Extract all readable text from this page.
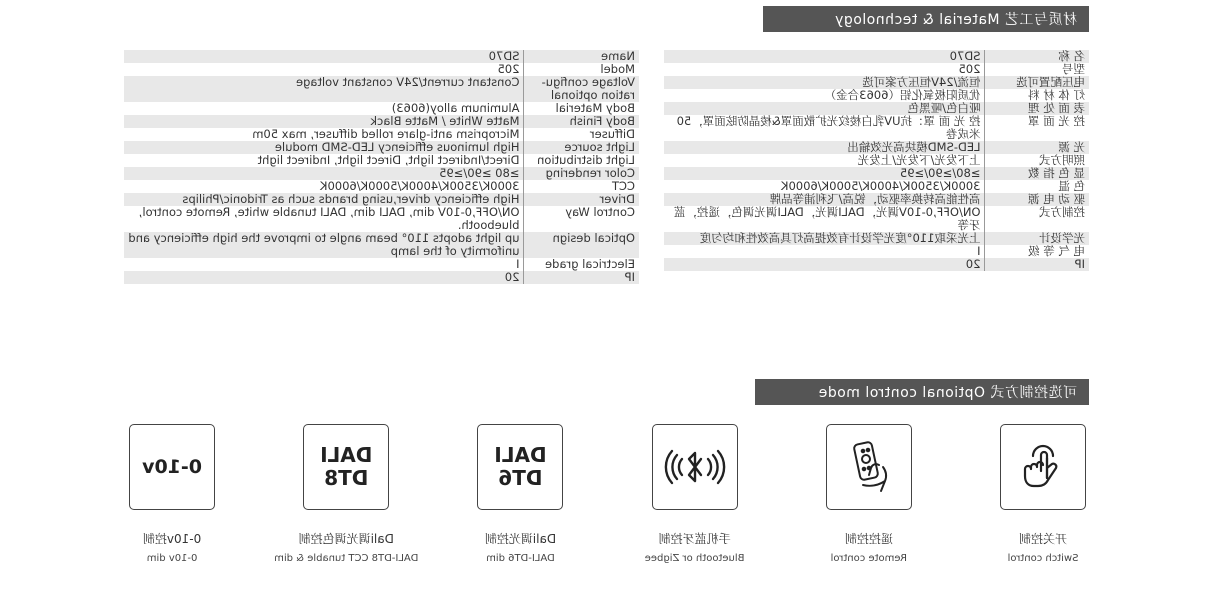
材质与工艺 Material & technology
名 称	SD70
型号	205
电压配置可选	恒流/24V恒压方案可选
灯 体 材 料	优质阳极氧化铝（6063合金）
表 面 处 理	哑白色/哑黑色
控 光 面 罩	控 光 面 罩：抗UV乳白棱纹光扩散面罩&棱晶防眩面罩，50米成卷
光 源	LED-SMD模块高光效输出
照明方式	上下发光/下发光/上发光
显 色 指 数	≥80/≥90/≥95
色 温	3000K/3500K/4000K/5000K/6000K
驱 动 电 源	高性能高转换率驱动，锐高/飞利浦等品牌
控制方式	ON/OFF,0-10V调光，DALI调光，DALI调光调色，遥控，蓝牙等
光学设计	上光采取110°度光学设计有效提高灯具高效性和均匀度
电 气 等 级	I
IP	20
Name	SD70
Model	205
Voltage configu-ration optional	Constant current/24V constant voltage
Body Material	Aluminum alloy(6063)
Body Finish	Matte White / Matte Black
Diffuser	Microprism anti-glare rolled diffuser, max 50m
Light source	High luminous efficiency LED-SMD module
Light distribution	Direct/Indirect light, Direct light, Indirect light
Color rendering	≥80 ≥90/≥95
CCT	3000K/3500K/4000K/5000K/6000K
Driver	High efficiency driver,using brands such as Tridonic/Philips
Control Way	ON/OFF,0-10V dim, DALI dim, DALI tunable white, Remote control, bluebooth.
Optical design	up light adopts 110° beam angle to improve the high efficiency and uniformity of the lamp
Electrical grade	I
IP	20
可选控制方式 Optional control mode
开关控制
Switch control
遥控控制
Remote control
手机蓝牙控制
Bluetooth or Zigbee
DALI
DT6
Dali调光控制
DALI-DT6 dim
DALI
DT8
Dali调光调色控制
DALI-DT8 CCT tunable & dim
0-10v
0-10v控制
0-10v dim
